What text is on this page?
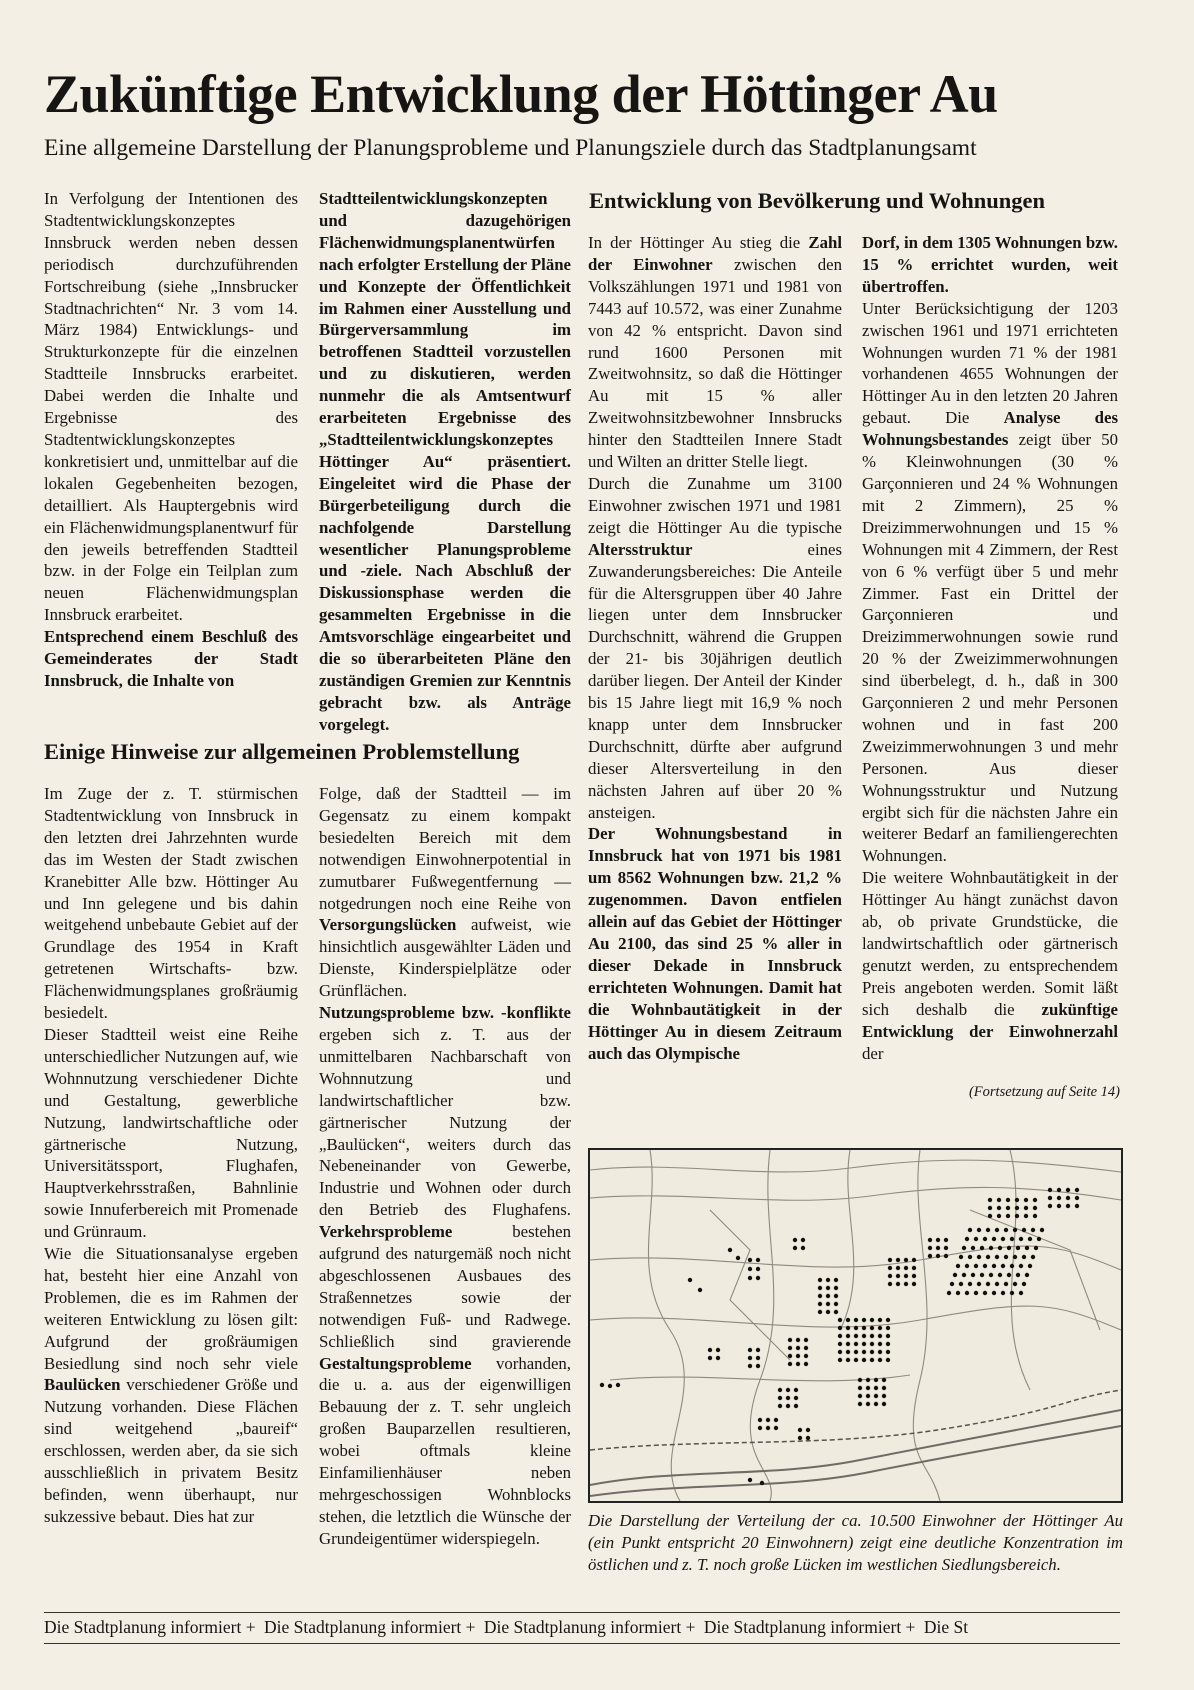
Zukünftige Entwicklung der Höttinger Au
Eine allgemeine Darstellung der Planungsprobleme und Planungsziele durch das Stadtplanungsamt

In Verfolgung der Intentionen des Stadtentwicklungskonzeptes Innsbruck werden neben dessen periodisch durchzuführenden Fortschreibung (siehe „Innsbrucker Stadtnachrichten“ Nr. 3 vom 14. März 1984) Entwicklungs- und Strukturkonzepte für die einzelnen Stadtteile Innsbrucks erarbeitet. Dabei werden die Inhalte und Ergebnisse des Stadtentwicklungskonzeptes konkretisiert und, unmittelbar auf die lokalen Gegebenheiten bezogen, detailliert. Als Hauptergebnis wird ein Flächenwidmungsplanentwurf für den jeweils betreffenden Stadtteil bzw. in der Folge ein Teilplan zum neuen Flächenwidmungsplan Innsbruck erarbeitet.

Entsprechend einem Beschluß des Gemeinderates der Stadt Innsbruck, die Inhalte von

Stadtteilentwicklungskonzepten und dazugehörigen Flächenwidmungsplanentwürfen nach erfolgter Erstellung der Pläne und Konzepte der Öffentlichkeit im Rahmen einer Ausstellung und Bürgerversammlung im betroffenen Stadtteil vorzustellen und zu diskutieren, werden nunmehr die als Amtsentwurf erarbeiteten Ergebnisse des „Stadtteilentwicklungskonzeptes Höttinger Au“ präsentiert. Eingeleitet wird die Phase der Bürgerbeteiligung durch die nachfolgende Darstellung wesentlicher Planungsprobleme und -ziele. Nach Abschluß der Diskussionsphase werden die gesammelten Ergebnisse in die Amtsvorschläge eingearbeitet und die so überarbeiteten Pläne den zuständigen Gremien zur Kenntnis gebracht bzw. als Anträge vorgelegt.

Einige Hinweise zur allgemeinen Problemstellung

Im Zuge der z. T. stürmischen Stadtentwicklung von Innsbruck in den letzten drei Jahrzehnten wurde das im Westen der Stadt zwischen Kranebitter Alle bzw. Höttinger Au und Inn gelegene und bis dahin weitgehend unbebaute Gebiet auf der Grundlage des 1954 in Kraft getretenen Wirtschafts- bzw. Flächenwidmungsplanes großräumig besiedelt.

Dieser Stadtteil weist eine Reihe unterschiedlicher Nutzungen auf, wie Wohnnutzung verschiedener Dichte und Gestaltung, gewerbliche Nutzung, landwirtschaftliche oder gärtnerische Nutzung, Universitätssport, Flughafen, Hauptverkehrsstraßen, Bahnlinie sowie Innuferbereich mit Promenade und Grünraum.

Wie die Situationsanalyse ergeben hat, besteht hier eine Anzahl von Problemen, die es im Rahmen der weiteren Entwicklung zu lösen gilt: Aufgrund der großräumigen Besiedlung sind noch sehr viele Baulücken verschiedener Größe und Nutzung vorhanden. Diese Flächen sind weitgehend „baureif“ erschlossen, werden aber, da sie sich ausschließlich in privatem Besitz befinden, wenn überhaupt, nur sukzessive bebaut. Dies hat zur

Folge, daß der Stadtteil — im Gegensatz zu einem kompakt besiedelten Bereich mit dem notwendigen Einwohnerpotential in zumutbarer Fußwegentfernung — notgedrungen noch eine Reihe von Versorgungslücken aufweist, wie hinsichtlich ausgewählter Läden und Dienste, Kinderspielplätze oder Grünflächen.

Nutzungsprobleme bzw. -konflikte ergeben sich z. T. aus der unmittelbaren Nachbarschaft von Wohnnutzung und landwirtschaftlicher bzw. gärtnerischer Nutzung der „Baulücken“, weiters durch das Nebeneinander von Gewerbe, Industrie und Wohnen oder durch den Betrieb des Flughafens. Verkehrsprobleme	bestehen aufgrund des naturgemäß noch nicht abgeschlossenen Ausbaues des Straßennetzes sowie der notwendigen Fuß- und Radwege. Schließlich sind gravierende Gestaltungsprobleme vorhanden, die u. a. aus der eigenwilligen Bebauung der z. T. sehr ungleich großen Bauparzellen resultieren, wobei oftmals kleine Einfamilienhäuser neben mehrgeschossigen Wohnblocks stehen, die letztlich die Wünsche der Grundeigentümer widerspiegeln.

Entwicklung von Bevölkerung und Wohnungen

In der Höttinger Au stieg die Zahl der Einwohner zwischen den Volkszählungen 1971 und 1981 von 7443 auf 10.572, was einer Zunahme von 42 % entspricht. Davon sind rund 1600 Personen mit Zweitwohnsitz, so daß die Höttinger Au mit 15 % aller Zweitwohnsitzbewohner Innsbrucks hinter den Stadtteilen Innere Stadt und Wilten an dritter Stelle liegt.

Durch die Zunahme um 3100 Einwohner zwischen 1971 und 1981 zeigt die Höttinger Au die typische Altersstruktur	eines Zuwanderungsbereiches: Die Anteile für die Altersgruppen über 40 Jahre liegen unter dem Innsbrucker Durchschnitt, während die Gruppen der 21- bis 30jährigen deutlich darüber liegen. Der Anteil der Kinder bis 15 Jahre liegt mit 16,9 % noch knapp unter dem Innsbrucker Durchschnitt, dürfte aber aufgrund dieser Altersverteilung in den nächsten Jahren auf über 20 % ansteigen.

Der Wohnungsbestand in Innsbruck hat von 1971 bis 1981 um 8562 Wohnungen bzw. 21,2 % zugenommen. Davon entfielen allein auf das Gebiet der Höttinger Au 2100, das sind 25 % aller in dieser Dekade in Innsbruck errichteten Wohnungen. Damit hat die Wohnbautätigkeit in der Höttinger Au in diesem Zeitraum auch das Olympische

Dorf, in dem 1305 Wohnungen bzw. 15 % errichtet wurden, weit übertroffen.

Unter Berücksichtigung der 1203 zwischen 1961 und 1971 errichteten Wohnungen wurden 71 % der 1981 vorhandenen 4655 Wohnungen der Höttinger Au in den letzten 20 Jahren gebaut. Die Analyse des Wohnungsbestandes zeigt über 50 % Kleinwohnungen (30 % Garçonnieren und 24 % Wohnungen mit 2 Zimmern), 25 % Dreizimmerwohnungen und 15 % Wohnungen mit 4 Zimmern, der Rest von 6 % verfügt über 5 und mehr Zimmer. Fast ein Drittel der Garçonnieren und Dreizimmerwohnungen sowie rund 20 % der Zweizimmerwohnungen sind überbelegt, d. h., daß in 300 Garçonnieren 2 und mehr Personen wohnen und in fast 200 Zweizimmerwohnungen 3 und mehr Personen. Aus dieser Wohnungsstruktur und Nutzung ergibt sich für die nächsten Jahre ein weiterer Bedarf an familiengerechten Wohnungen.

Die weitere Wohnbautätigkeit in der Höttinger Au hängt zunächst davon ab, ob private Grundstücke, die landwirtschaftlich oder gärtnerisch genutzt werden, zu entsprechendem Preis angeboten werden. Somit läßt sich deshalb die zukünftige Entwicklung der Einwohnerzahl der

(Fortsetzung auf Seite 14)
Die Darstellung der Verteilung der ca. 10.500 Einwohner der Höttinger Au (ein Punkt entspricht 20 Einwohnern) zeigt eine deutliche Konzentration im östlichen und z. T. noch große Lücken im westlichen Siedlungsbereich.
Die Stadtplanung informiert + Die Stadtplanung informiert + Die Stadtplanung informiert + Die Stadtplanung informiert + Die St
